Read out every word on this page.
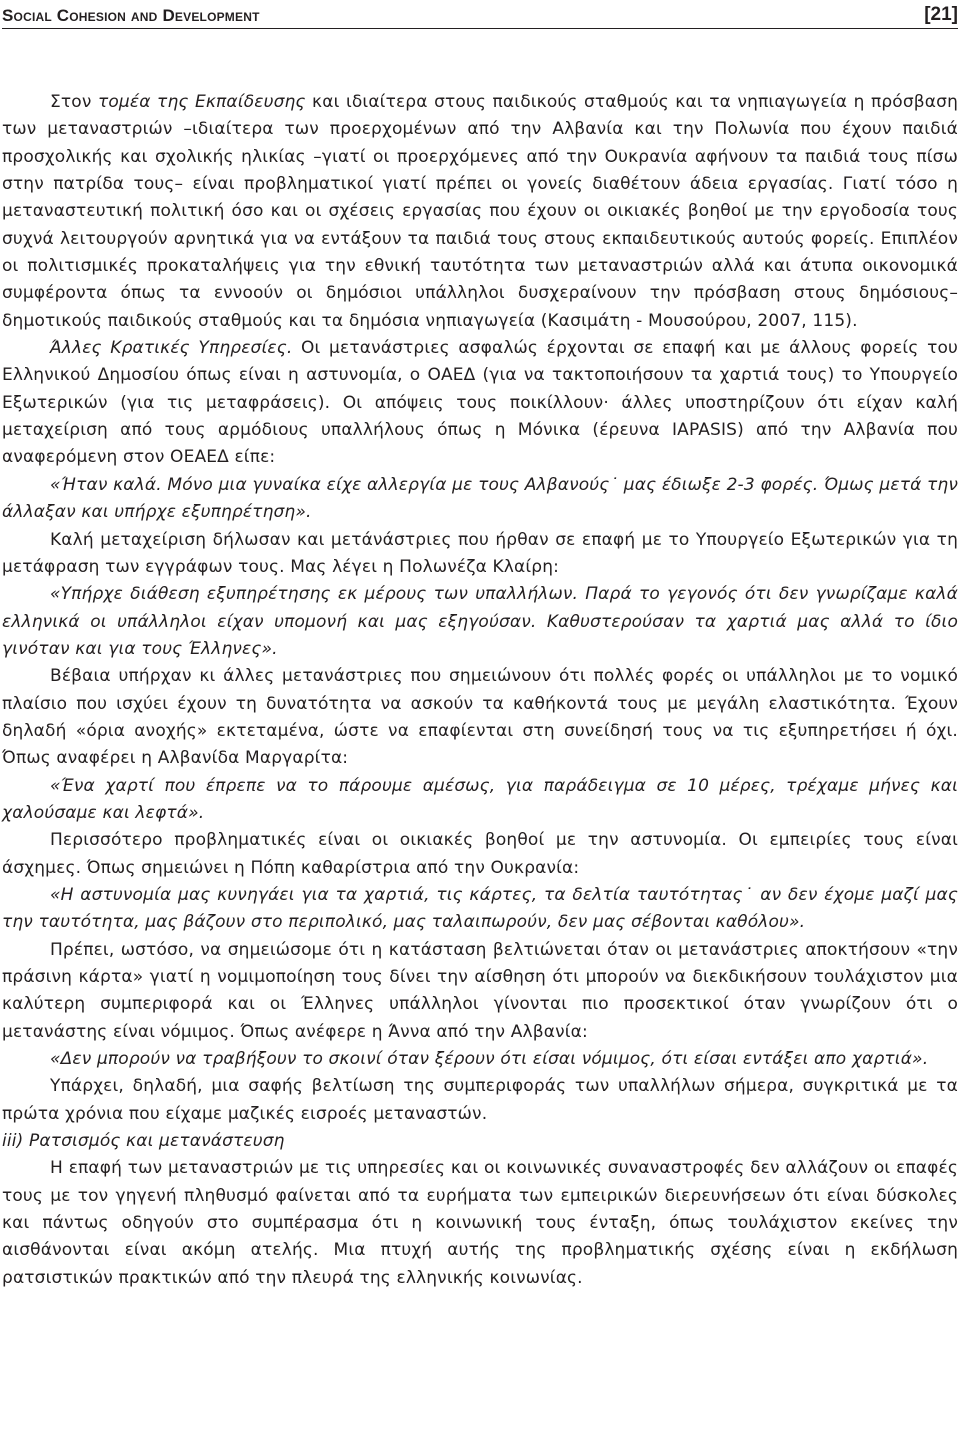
Social Cohesion and Development	[21]

Στον τομέα της Εκπαίδευσης και ιδιαίτερα στους παιδικούς σταθμούς και τα νηπιαγωγεία η πρόσβαση των μεταναστριών –ιδιαίτερα των προερχομένων από την Αλβανία και την Πολωνία που έχουν παιδιά προσχολικής και σχολικής ηλικίας –γιατί οι προερχόμενες από την Ουκρανία αφήνουν τα παιδιά τους πίσω στην πατρίδα τους– είναι προβληματικοί γιατί πρέπει οι γονείς διαθέτουν άδεια εργασίας. Γιατί τόσο η μεταναστευτική πολιτική όσο και οι σχέσεις εργασίας που έχουν οι οικιακές βοηθοί με την εργοδοσία τους συχνά λειτουργούν αρνητικά για να εντάξουν τα παιδιά τους στους εκπαιδευτικούς αυτούς φορείς. Επιπλέον οι πολιτισμικές προκαταλήψεις για την εθνική ταυτότητα των μεταναστριών αλλά και άτυπα οικονομικά συμφέροντα όπως τα εννοούν οι δημόσιοι υπάλληλοι δυσχεραίνουν την πρόσβαση στους δημόσιους–δημοτικούς παιδικούς σταθμούς και τα δημόσια νηπιαγωγεία (Κασιμάτη - Μουσούρου, 2007, 115).

Άλλες Κρατικές Υπηρεσίες. Οι μετανάστριες ασφαλώς έρχονται σε επαφή και με άλλους φορείς του Ελληνικού Δημοσίου όπως είναι η αστυνομία, ο ΟΑΕΔ (για να τακτοποιήσουν τα χαρτιά τους) το Υπουργείο Εξωτερικών (για τις μεταφράσεις). Οι απόψεις τους ποικίλλουν· άλλες υποστηρίζουν ότι είχαν καλή μεταχείριση από τους αρμόδιους υπαλλήλους όπως η Μόνικα (έρευνα IAPASIS) από την Αλβανία που αναφερόμενη στον ΟΕΑΕΔ είπε:

«Ήταν καλά. Μόνο μια γυναίκα είχε αλλεργία με τους Αλβανούς˙ μας έδιωξε 2-3 φορές. Όμως μετά την άλλαξαν και υπήρχε εξυπηρέτηση».

Καλή μεταχείριση δήλωσαν και μετάνάστριες που ήρθαν σε επαφή με το Υπουργείο Εξωτερικών για τη μετάφραση των εγγράφων τους. Μας λέγει η Πολωνέζα Κλαίρη:

«Υπήρχε διάθεση εξυπηρέτησης εκ μέρους των υπαλλήλων. Παρά το γεγονός ότι δεν γνωρίζαμε καλά ελληνικά οι υπάλληλοι είχαν υπομονή και μας εξηγούσαν. Καθυστερούσαν τα χαρτιά μας αλλά το ίδιο γινόταν και για τους Έλληνες».

Βέβαια υπήρχαν κι άλλες μετανάστριες που σημειώνουν ότι πολλές φορές οι υπάλληλοι με το νομικό πλαίσιο που ισχύει έχουν τη δυνατότητα να ασκούν τα καθήκοντά τους με μεγάλη ελαστικότητα. Έχουν δηλαδή «όρια ανοχής» εκτεταμένα, ώστε να επαφίενται στη συνείδησή τους να τις εξυπηρετήσει ή όχι. Όπως αναφέρει η Αλβανίδα Μαργαρίτα:

«Ένα χαρτί που έπρεπε να το πάρουμε αμέσως, για παράδειγμα σε 10 μέρες, τρέχαμε μήνες και χαλούσαμε και λεφτά».

Περισσότερο προβληματικές είναι οι οικιακές βοηθοί με την αστυνομία. Οι εμπειρίες τους είναι άσχημες. Όπως σημειώνει η Πόπη καθαρίστρια από την Ουκρανία:

«Η αστυνομία μας κυνηγάει για τα χαρτιά, τις κάρτες, τα δελτία ταυτότητας˙ αν δεν έχομε μαζί μας την ταυτότητα, μας βάζουν στο περιπολικό, μας ταλαιπωρούν, δεν μας σέβονται καθόλου».

Πρέπει, ωστόσο, να σημειώσομε ότι η κατάσταση βελτιώνεται όταν οι μετανάστριες αποκτήσουν «την πράσινη κάρτα» γιατί η νομιμοποίηση τους δίνει την αίσθηση ότι μπορούν να διεκδικήσουν τουλάχιστον μια καλύτερη συμπεριφορά και οι Έλληνες υπάλληλοι γίνονται πιο προσεκτικοί όταν γνωρίζουν ότι ο μετανάστης είναι νόμιμος. Όπως ανέφερε η Άννα από την Αλβανία:

«Δεν μπορούν να τραβήξουν το σκοινί όταν ξέρουν ότι είσαι νόμιμος, ότι είσαι εντάξει απο χαρτιά».

Υπάρχει, δηλαδή, μια σαφής βελτίωση της συμπεριφοράς των υπαλλήλων σήμερα, συγκριτικά με τα πρώτα χρόνια που είχαμε μαζικές εισροές μεταναστών.

iii) Ρατσισμός και μετανάστευση

Η επαφή των μεταναστριών με τις υπηρεσίες και οι κοινωνικές συναναστροφές δεν αλλάζουν οι επαφές τους με τον γηγενή πληθυσμό φαίνεται από τα ευρήματα των εμπειρικών διερευνήσεων ότι είναι δύσκολες και πάντως οδηγούν στο συμπέρασμα ότι η κοινωνική τους ένταξη, όπως τουλάχιστον εκείνες την αισθάνονται είναι ακόμη ατελής. Μια πτυχή αυτής της προβληματικής σχέσης είναι η εκδήλωση ρατσιστικών πρακτικών από την πλευρά της ελληνικής κοινωνίας.
